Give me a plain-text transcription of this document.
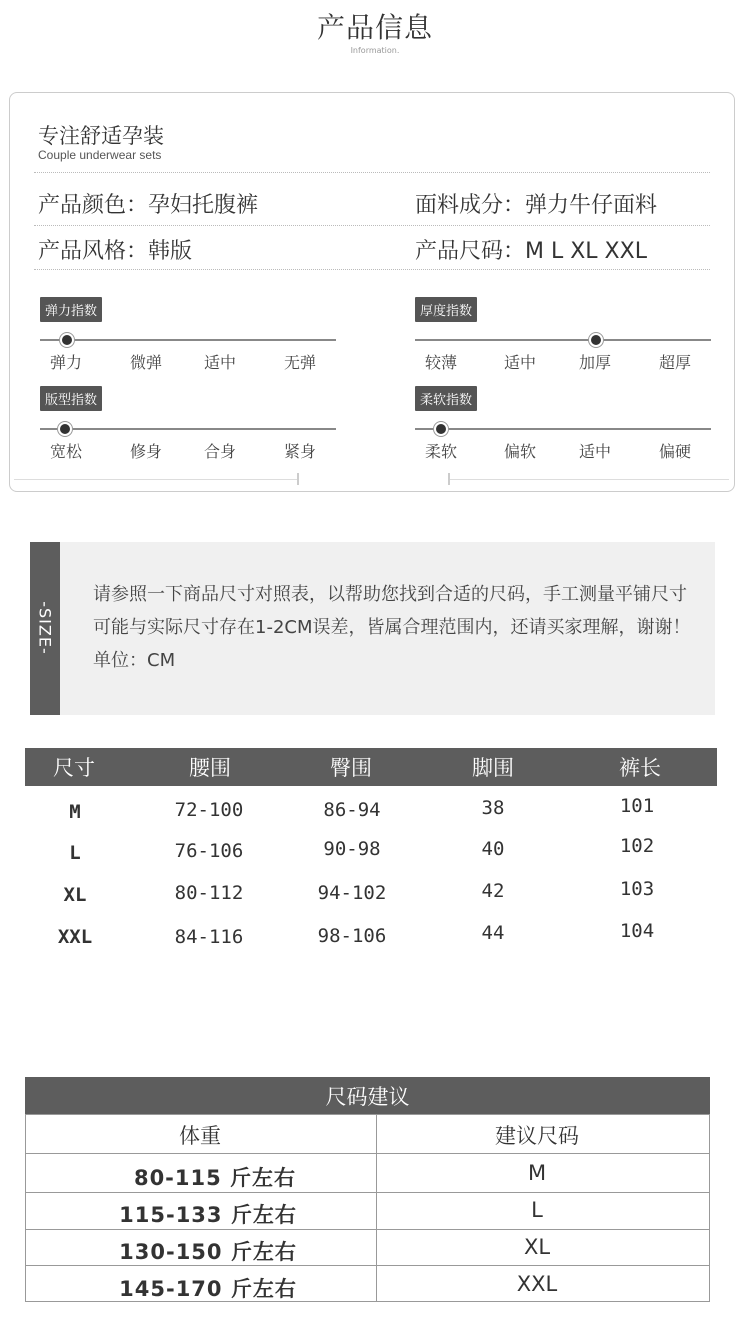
产品信息
Information.
专注舒适孕装
Couple underwear sets
产品颜色：孕妇托腹裤	面料成分：弹力牛仔面料
产品风格：韩版	产品尺码：M L XL XXL
弹力指数
弹力	微弹	适中	无弹
厚度指数
较薄	适中	加厚	超厚
版型指数
宽松	修身	合身	紧身
柔软指数
柔软	偏软	适中	偏硬
-SIZE-
请参照一下商品尺寸对照表，以帮助您找到合适的尺码，手工测量平铺尺寸可能与实际尺寸存在1-2CM误差，皆属合理范围内，还请买家理解，谢谢！单位：CM
尺寸	腰围	臀围	脚围	裤长
M	72-100	86-94	38	101
L	76-106	90-98	40	102
XL	80-112	94-102	42	103
XXL	84-116	98-106	44	104
尺码建议
体重	建议尺码
80-115 斤左右	M
115-133 斤左右	L
130-150 斤左右	XL
145-170 斤左右	XXL
